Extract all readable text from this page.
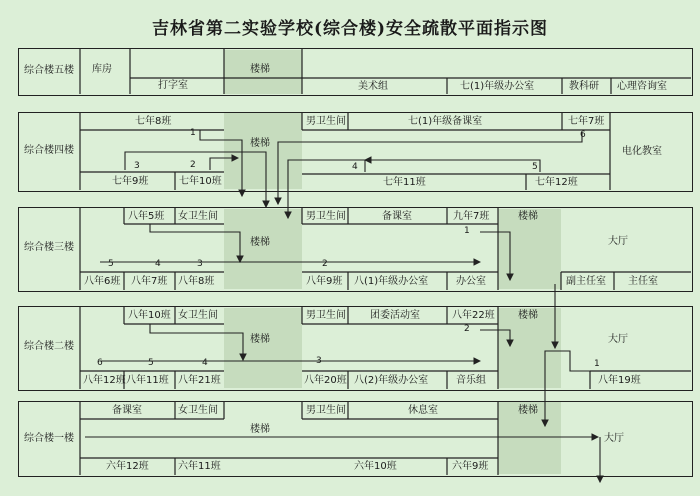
吉林省第二实验学校(综合楼)安全疏散平面指示图
综合楼五楼 库房
打字室
楼梯
美术组	七(1)年级办公室	教科研 心理咨询室
综合楼四楼
七年8班
楼梯
男卫生间	七(1)年级备课室	七年7班
电化教室
七年9班	七年10班	七年11班	七年12班
1
2
3	4	5
6
综合楼三楼
八年5班 女卫生间
楼梯
男卫生间	备课室	九年7班	楼梯
大厅
八年6班 八年7班 八年8班	八年9班 八(1)年级办公室	办公室	副主任室 主任室
1
2
3
4
5
综合楼二楼
八年10班 女卫生间
楼梯
男卫生间 团委活动室	八年22班 楼梯
大厅
八年12班 八年11班 八年21班	八年20班 八(2)年级办公室	音乐组	八年19班
1
2
3
4
5
6
综合楼一楼
备课室	女卫生间
楼梯
男卫生间	休息室	楼梯
大厅
六年12班	六年11班	六年10班	六年9班
